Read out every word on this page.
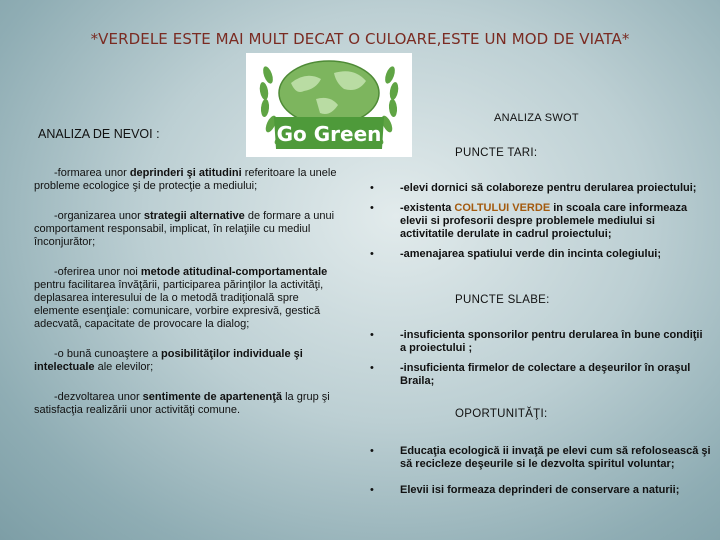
*VERDELE ESTE MAI MULT DECAT O CULOARE,ESTE UN MOD DE VIATA*
Go Green
ANALIZA DE NEVOI :

-formarea unor deprinderi şi atitudini referitoare la unele probleme ecologice şi de protecţie a mediului;

-organizarea unor strategii alternative de formare a unui comportament responsabil, implicat, în relaţiile cu mediul înconjurător;

-oferirea unor noi metode atitudinal-comportamentale pentru facilitarea învăţării, participarea părinţilor la activităţi, deplasarea interesului de la o metodă tradiţională spre elemente esenţiale: comunicare, vorbire expresivă, gestică adecvată, capacitate de provocare la dialog;

-o bună cunoaştere a posibilităţilor individuale şi intelectuale ale elevilor;

-dezvoltarea unor sentimente de apartenenţă la grup şi satisfacţia realizării unor activităţi comune.

ANALIZA SWOT
PUNCTE TARI:
• -elevi dornici să colaboreze pentru derularea proiectului;
• -existenta COLTULUI VERDE in scoala care informeaza elevii si profesorii despre problemele mediului si activitatile derulate in cadrul proiectului;
• -amenajarea spatiului verde din incinta colegiului;
PUNCTE SLABE:
• -insuficienta sponsorilor pentru derularea în bune condiţii a proiectului ;
• -insuficienta firmelor de colectare a deşeurilor în oraşul Braila;
OPORTUNITĂŢI:
• Educaţia ecologică ii invaţă pe elevi cum să refolosească şi să recicleze deşeurile si le dezvolta spiritul voluntar;
• Elevii isi formeaza deprinderi de conservare a naturii;
